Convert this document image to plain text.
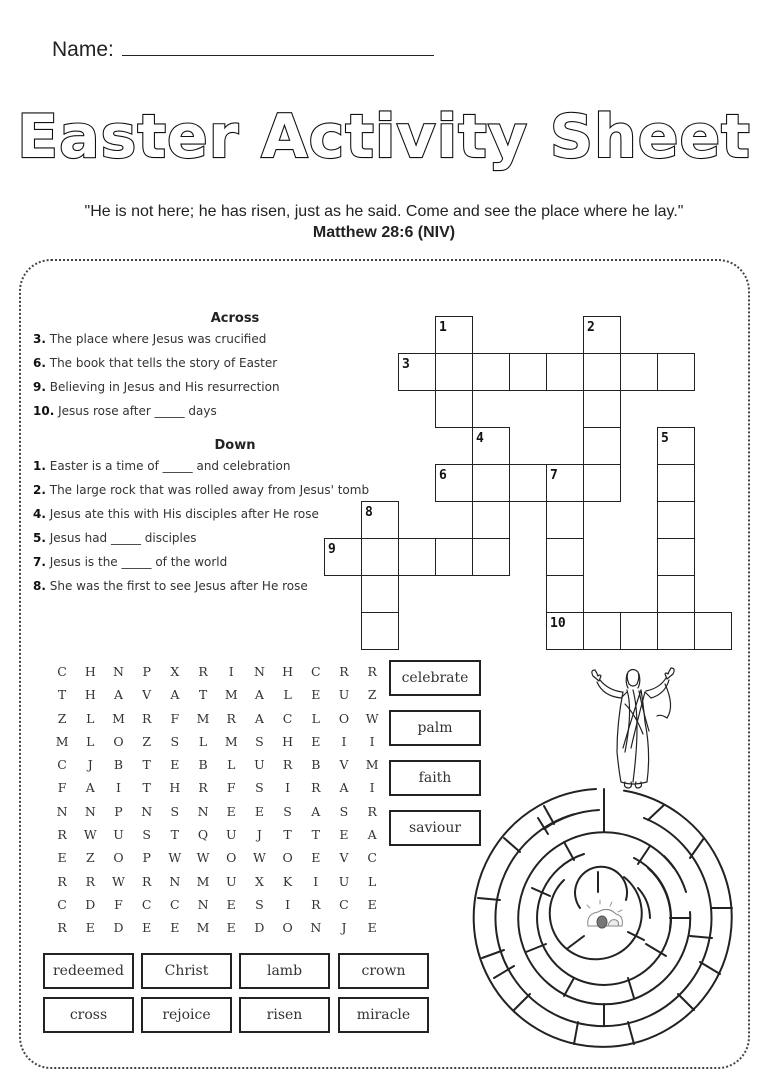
Name:
Easter Activity Sheet
"He is not here; he has risen, just as he said. Come and see the place where he lay."
Matthew 28:6 (NIV)
Across
3. The place where Jesus was crucified
6. The book that tells the story of Easter
9. Believing in Jesus and His resurrection
10. Jesus rose after _____ days
Down
1. Easter is a time of _____ and celebration
2. The large rock that was rolled away from Jesus' tomb
4. Jesus ate this with His disciples after He rose
5. Jesus had _____ disciples
7. Jesus is the _____ of the world
8. She was the first to see Jesus after He rose
1	2
3
4	5
6	7
8
9
10
C	H	N	P	X	R	I	N	H	C	R	R
T	H	A	V	A	T	M	A	L	E	U	Z
Z	L	M	R	F	M	R	A	C	L	O	W
M	L	O	Z	S	L	M	S	H	E	I	I
C	J	B	T	E	B	L	U	R	B	V	M
F	A	I	T	H	R	F	S	I	R	A	I
N	N	P	N	S	N	E	E	S	A	S	R
R	W	U	S	T	Q	U	J	T	T	E	A
E	Z	O	P	W	W	O	W	O	E	V	C
R	R	W	R	N	M	U	X	K	I	U	L
C	D	F	C	C	N	E	S	I	R	C	E
R	E	D	E	E	M	E	D	O	N	J	E
celebrate
palm
faith
saviour
redeemed	Christ	lamb	crown
cross	rejoice	risen	miracle
